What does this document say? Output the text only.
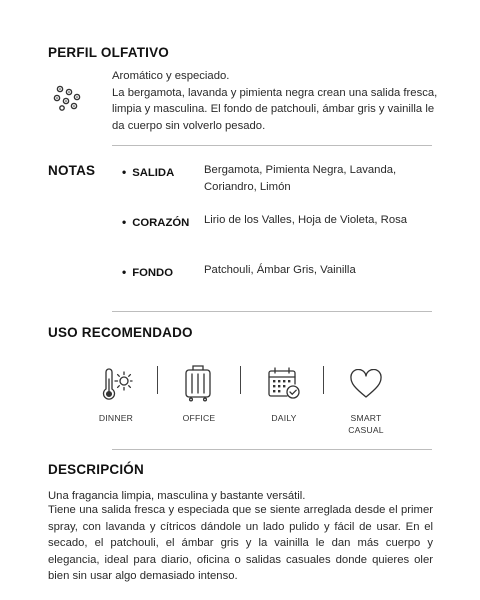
PERFIL OLFATIVO
Aromático y especiado.
La bergamota, lavanda y pimienta negra crean una salida fresca, limpia y masculina. El fondo de patchouli, ámbar gris y vainilla le da cuerpo sin volverlo pesado.
NOTAS
•	SALIDA	Bergamota, Pimienta Negra, Lavanda, Coriandro, Limón
• CORAZÓN Lirio de los Valles, Hoja de Violeta, Rosa
• FONDO	Patchouli, Ámbar Gris, Vainilla
USO RECOMENDADO
DINNER	OFFICE	DAILY	SMART
CASUAL
DESCRIPCIÓN
Una fragancia limpia, masculina y bastante versátil.
Tiene una salida fresca y especiada que se siente arreglada desde el primer spray, con lavanda y cítricos dándole un lado pulido y fácil de usar. En el secado, el patchouli, el ámbar gris y la vainilla le dan más cuerpo y elegancia, ideal para diario, oficina o salidas casuales donde quieres oler bien sin usar algo demasiado intenso.
